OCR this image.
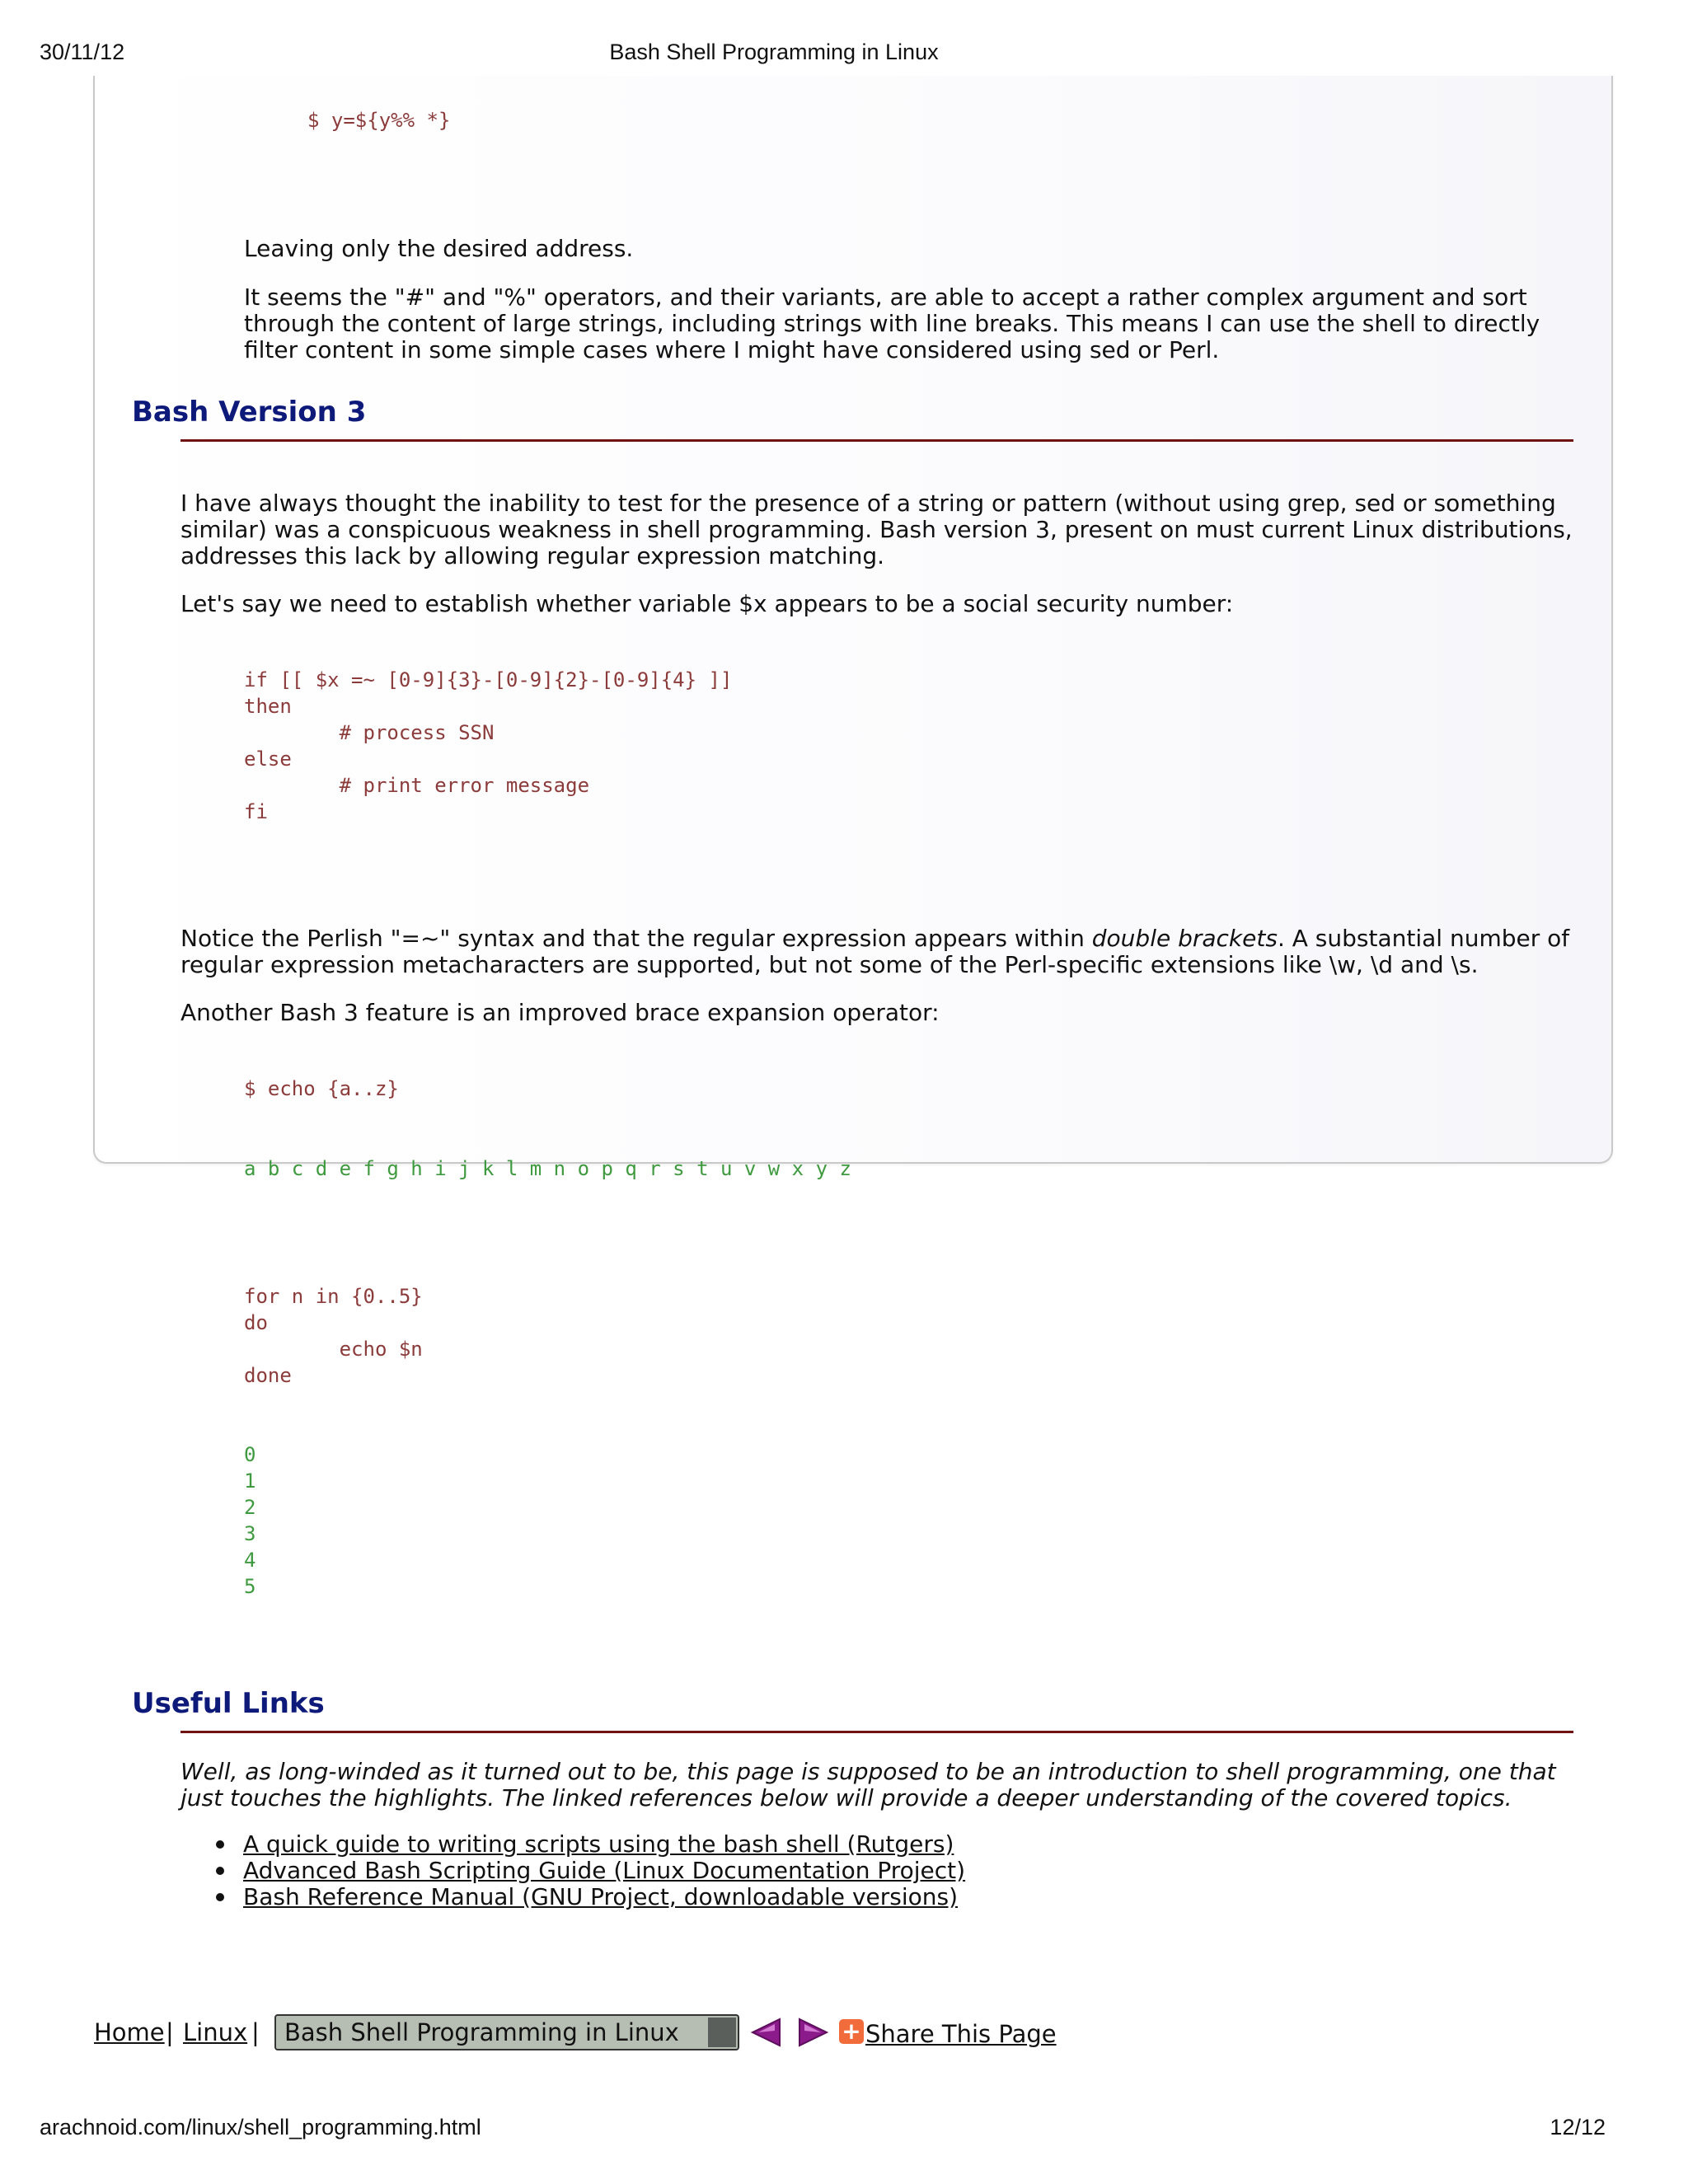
30/11/12	Bash Shell Programming in Linux
$ y=${y%% *}

Leaving only the desired address.

It seems the "#" and "%" operators, and their variants, are able to accept a rather complex argument and sort through the content of large strings, including strings with line breaks. This means I can use the shell to directly filter content in some simple cases where I might have considered using sed or Perl.

Bash Version 3

I have always thought the inability to test for the presence of a string or pattern (without using grep, sed or something similar) was a conspicuous weakness in shell programming. Bash version 3, present on must current Linux distributions, addresses this lack by allowing regular expression matching.

Let's say we need to establish whether variable $x appears to be a social security number:

if [[ $x =~ [0-9]{3}-[0-9]{2}-[0-9]{4} ]]
then
# process SSN
else
# print error message
fi

Notice the Perlish "=~" syntax and that the regular expression appears within double brackets. A substantial number of regular expression metacharacters are supported, but not some of the Perl-specific extensions like \w, \d and \s.

Another Bash 3 feature is an improved brace expansion operator:

$ echo {a..z}
a b c d e f g h i j k l m n o p q r s t u v w x y z
for n in {0..5}
do
echo $n
done
0
1
2
3
4
5
Useful Links

Well, as long-winded as it turned out to be, this page is supposed to be an introduction to shell programming, one that just touches the highlights. The linked references below will provide a deeper understanding of the covered topics.

A quick guide to writing scripts using the bash shell (Rutgers)
Advanced Bash Scripting Guide (Linux Documentation Project)
Bash Reference Manual (GNU Project, downloadable versions)
Home | Linux |	Bash Shell Programming in Linux	+ Share This Page
arachnoid.com/linux/shell_programming.html	12/12
